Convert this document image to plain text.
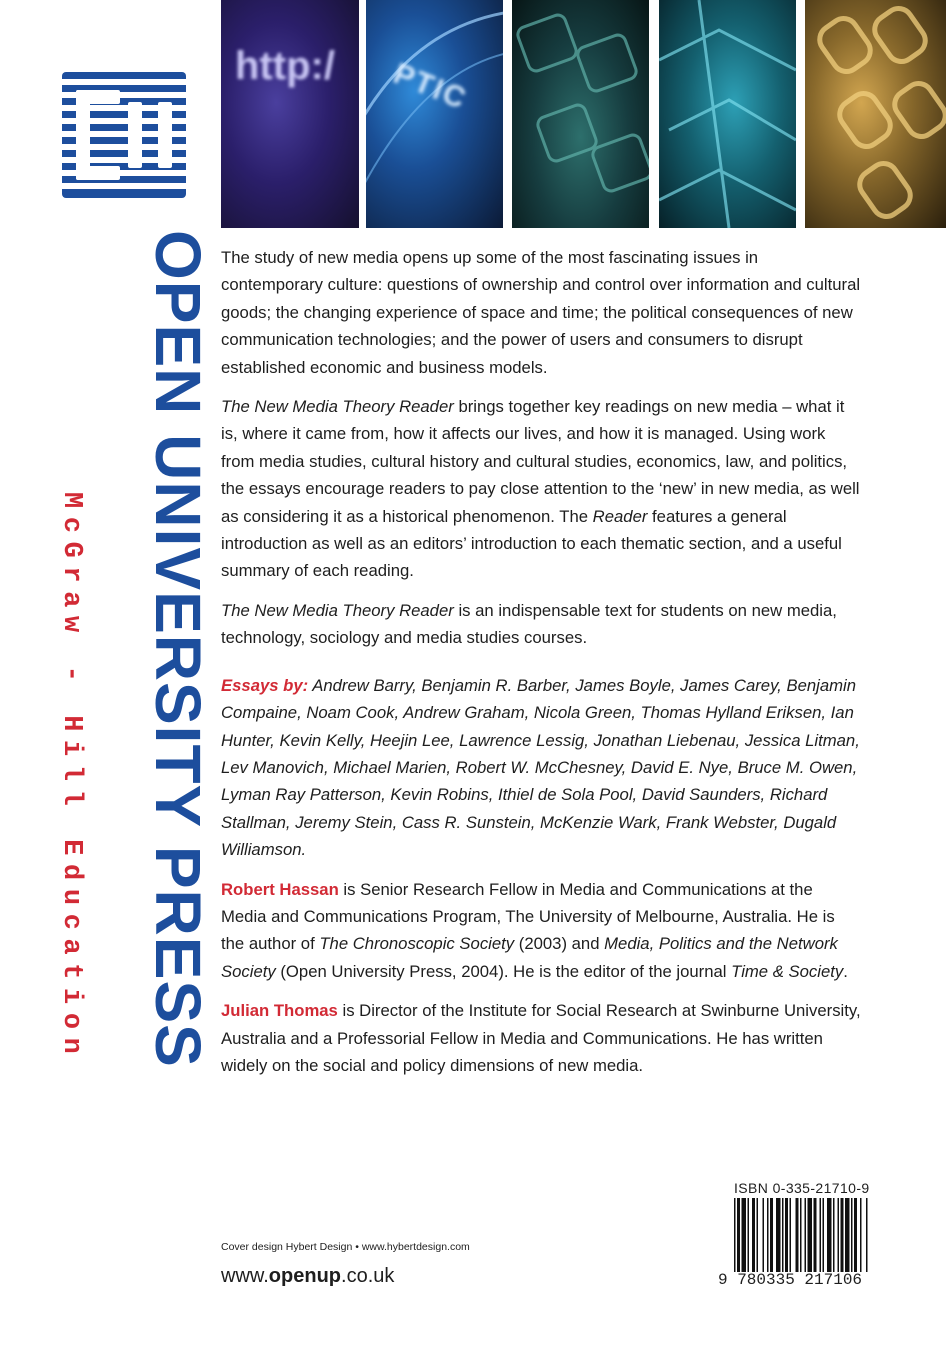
OPEN UNIVERSITY PRESS
McGraw - Hill Education
http:/ PTIC

The study of new media opens up some of the most fascinating issues in contemporary culture: questions of ownership and control over information and cultural goods; the changing experience of space and time; the political consequences of new communication technologies; and the power of users and consumers to disrupt established economic and business models.

The New Media Theory Reader brings together key readings on new media – what it is, where it came from, how it affects our lives, and how it is managed. Using work from media studies, cultural history and cultural studies, economics, law, and politics, the essays encourage readers to pay close attention to the ‘new’ in new media, as well as considering it as a historical phenomenon. The Reader features a general introduction as well as an editors’ introduction to each thematic section, and a useful summary of each reading.

The New Media Theory Reader is an indispensable text for students on new media, technology, sociology and media studies courses.

Essays by: Andrew Barry, Benjamin R. Barber, James Boyle, James Carey, Benjamin Compaine, Noam Cook, Andrew Graham, Nicola Green, Thomas Hylland Eriksen, Ian Hunter, Kevin Kelly, Heejin Lee, Lawrence Lessig, Jonathan Liebenau, Jessica Litman, Lev Manovich, Michael Marien, Robert W. McChesney, David E. Nye, Bruce M. Owen, Lyman Ray Patterson, Kevin Robins, Ithiel de Sola Pool, David Saunders, Richard Stallman, Jeremy Stein, Cass R. Sunstein, McKenzie Wark, Frank Webster, Dugald Williamson.

Robert Hassan is Senior Research Fellow in Media and Communications at the Media and Communications Program, The University of Melbourne, Australia. He is the author of The Chronoscopic Society (2003) and Media, Politics and the Network Society (Open University Press, 2004). He is the editor of the journal Time & Society.

Julian Thomas is Director of the Institute for Social Research at Swinburne University, Australia and a Professorial Fellow in Media and Communications. He has written widely on the social and policy dimensions of new media.

Cover design Hybert Design • www.hybertdesign.com
www.openup.co.uk
ISBN 0-335-21710-9
9 780335 217106
